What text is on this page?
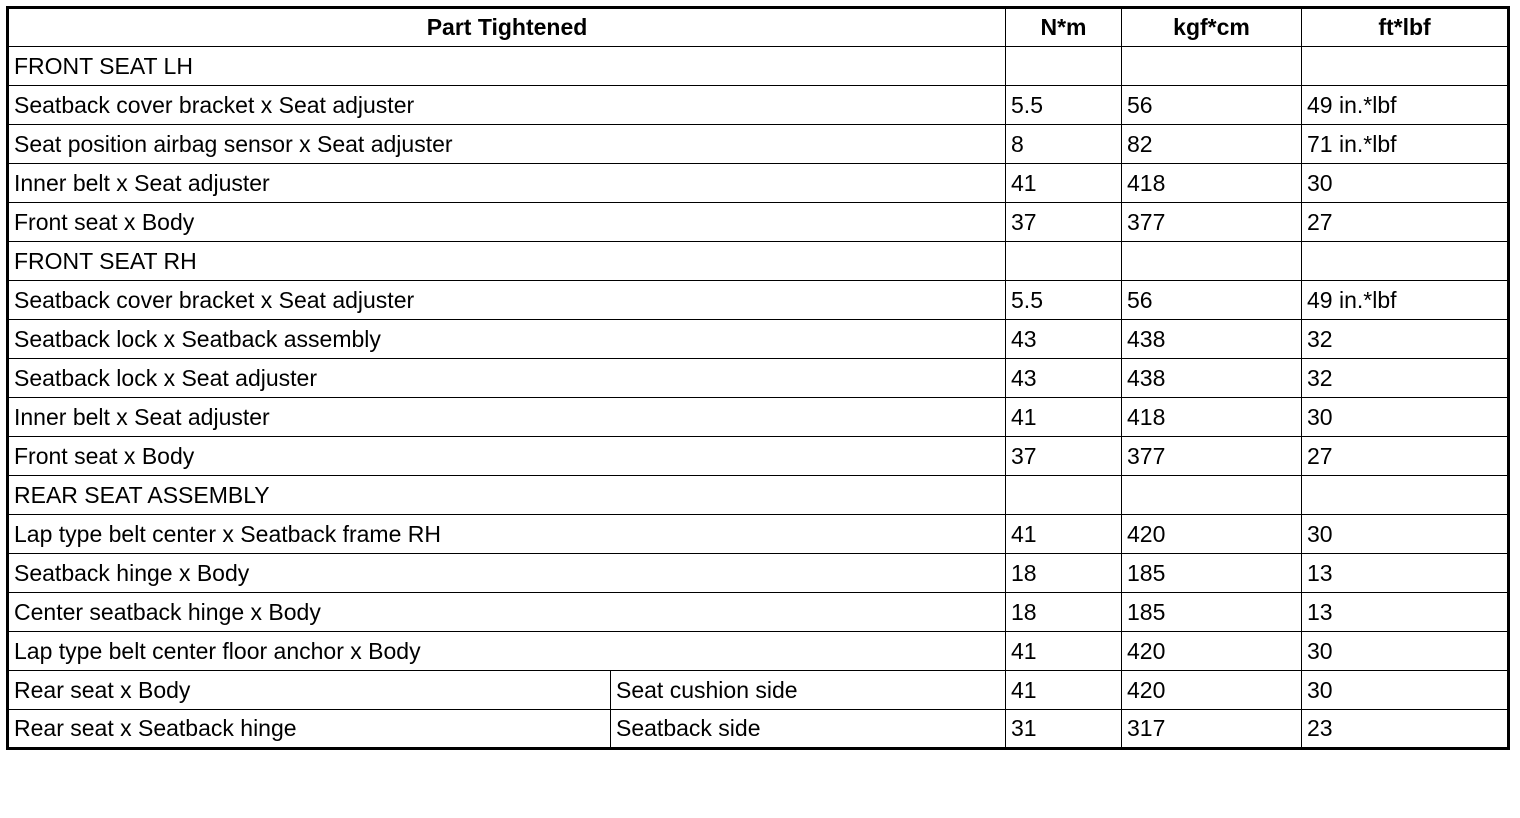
Part Tightened		N*m	kgf*cm	ft*lbf
FRONT SEAT LH				
Seatback cover bracket x Seat adjuster		5.5	56	49 in.*lbf
Seat position airbag sensor x Seat adjuster		8	82	71 in.*lbf
Inner belt x Seat adjuster		41	418	30
Front seat x Body		37	377	27
FRONT SEAT RH				
Seatback cover bracket x Seat adjuster		5.5	56	49 in.*lbf
Seatback lock x Seatback assembly		43	438	32
Seatback lock x Seat adjuster		43	438	32
Inner belt x Seat adjuster		41	418	30
Front seat x Body		37	377	27
REAR SEAT ASSEMBLY				
Lap type belt center x Seatback frame RH		41	420	30
Seatback hinge x Body		18	185	13
Center seatback hinge x Body		18	185	13
Lap type belt center floor anchor x Body		41	420	30
Rear seat x Body	Seat cushion side	41	420	30
Rear seat x Seatback hinge	Seatback side	31	317	23
